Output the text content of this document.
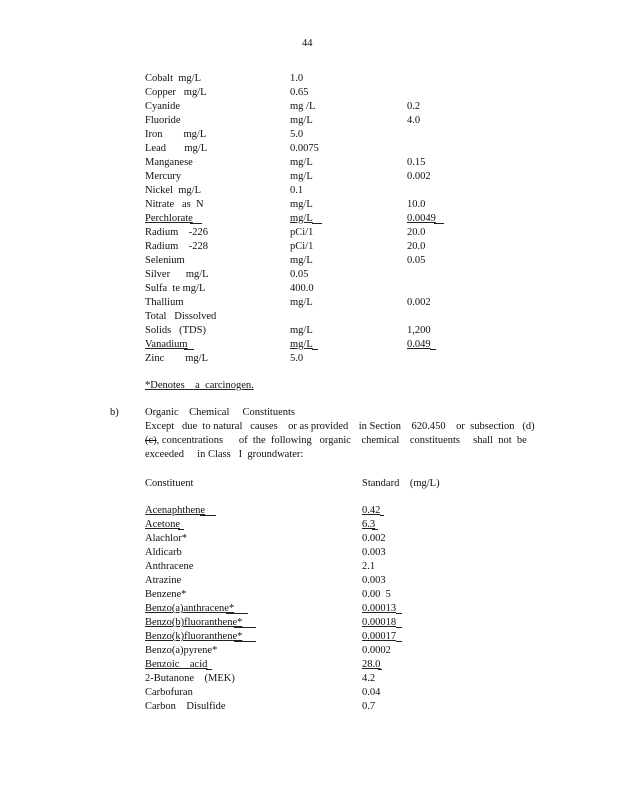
44
Cobalt  mg/L	1.0
Copper   mg/L	0.65
Cyanide	mg /L	0.2
Fluoride	mg/L	4.0
Iron        mg/L	5.0
Lead       mg/L	0.0075
Manganese	mg/L	0.15
Mercury	mg/L	0.002
Nickel  mg/L	0.1
Nitrate   as  N	mg/L	10.0
Perchlorate	mg/L	0.0049
Radium    -226	pCi/1	20.0
Radium    -228	pCi/1	20.0
Selenium	mg/L	0.05
Silver      mg/L	0.05
Sulfa  te mg/L	400.0
Thallium	mg/L	0.002
Total   Dissolved
Solids   (TDS)	mg/L	1,200
Vanadium	mg/L	0.049
Zinc        mg/L	5.0
*Denotes    a  carcinogen.
b)	Organic    Chemical     Constituents
Except   due  to natural   causes    or as provided    in Section    620.450    or  subsection   (d)
(c), concentrations      of  the  following   organic    chemical    constituents     shall  not  be
exceeded     in Class   I  groundwater:
Constituent	Standard    (mg/L)
Acenaphthene	0.42
Acetone	6.3
Alachlor*	0.002
Aldicarb	0.003
Anthracene	2.1
Atrazine	0.003
Benzene*	0.00  5
Benzo(a)anthracene*	0.00013
Benzo(b)fluoranthene*	0.00018
Benzo(k)fluoranthene*	0.00017
Benzo(a)pyrene*	0.0002
Benzoic    acid	28.0
2-Butanone    (MEK)	4.2
Carbofuran	0.04
Carbon    Disulfide	0.7
